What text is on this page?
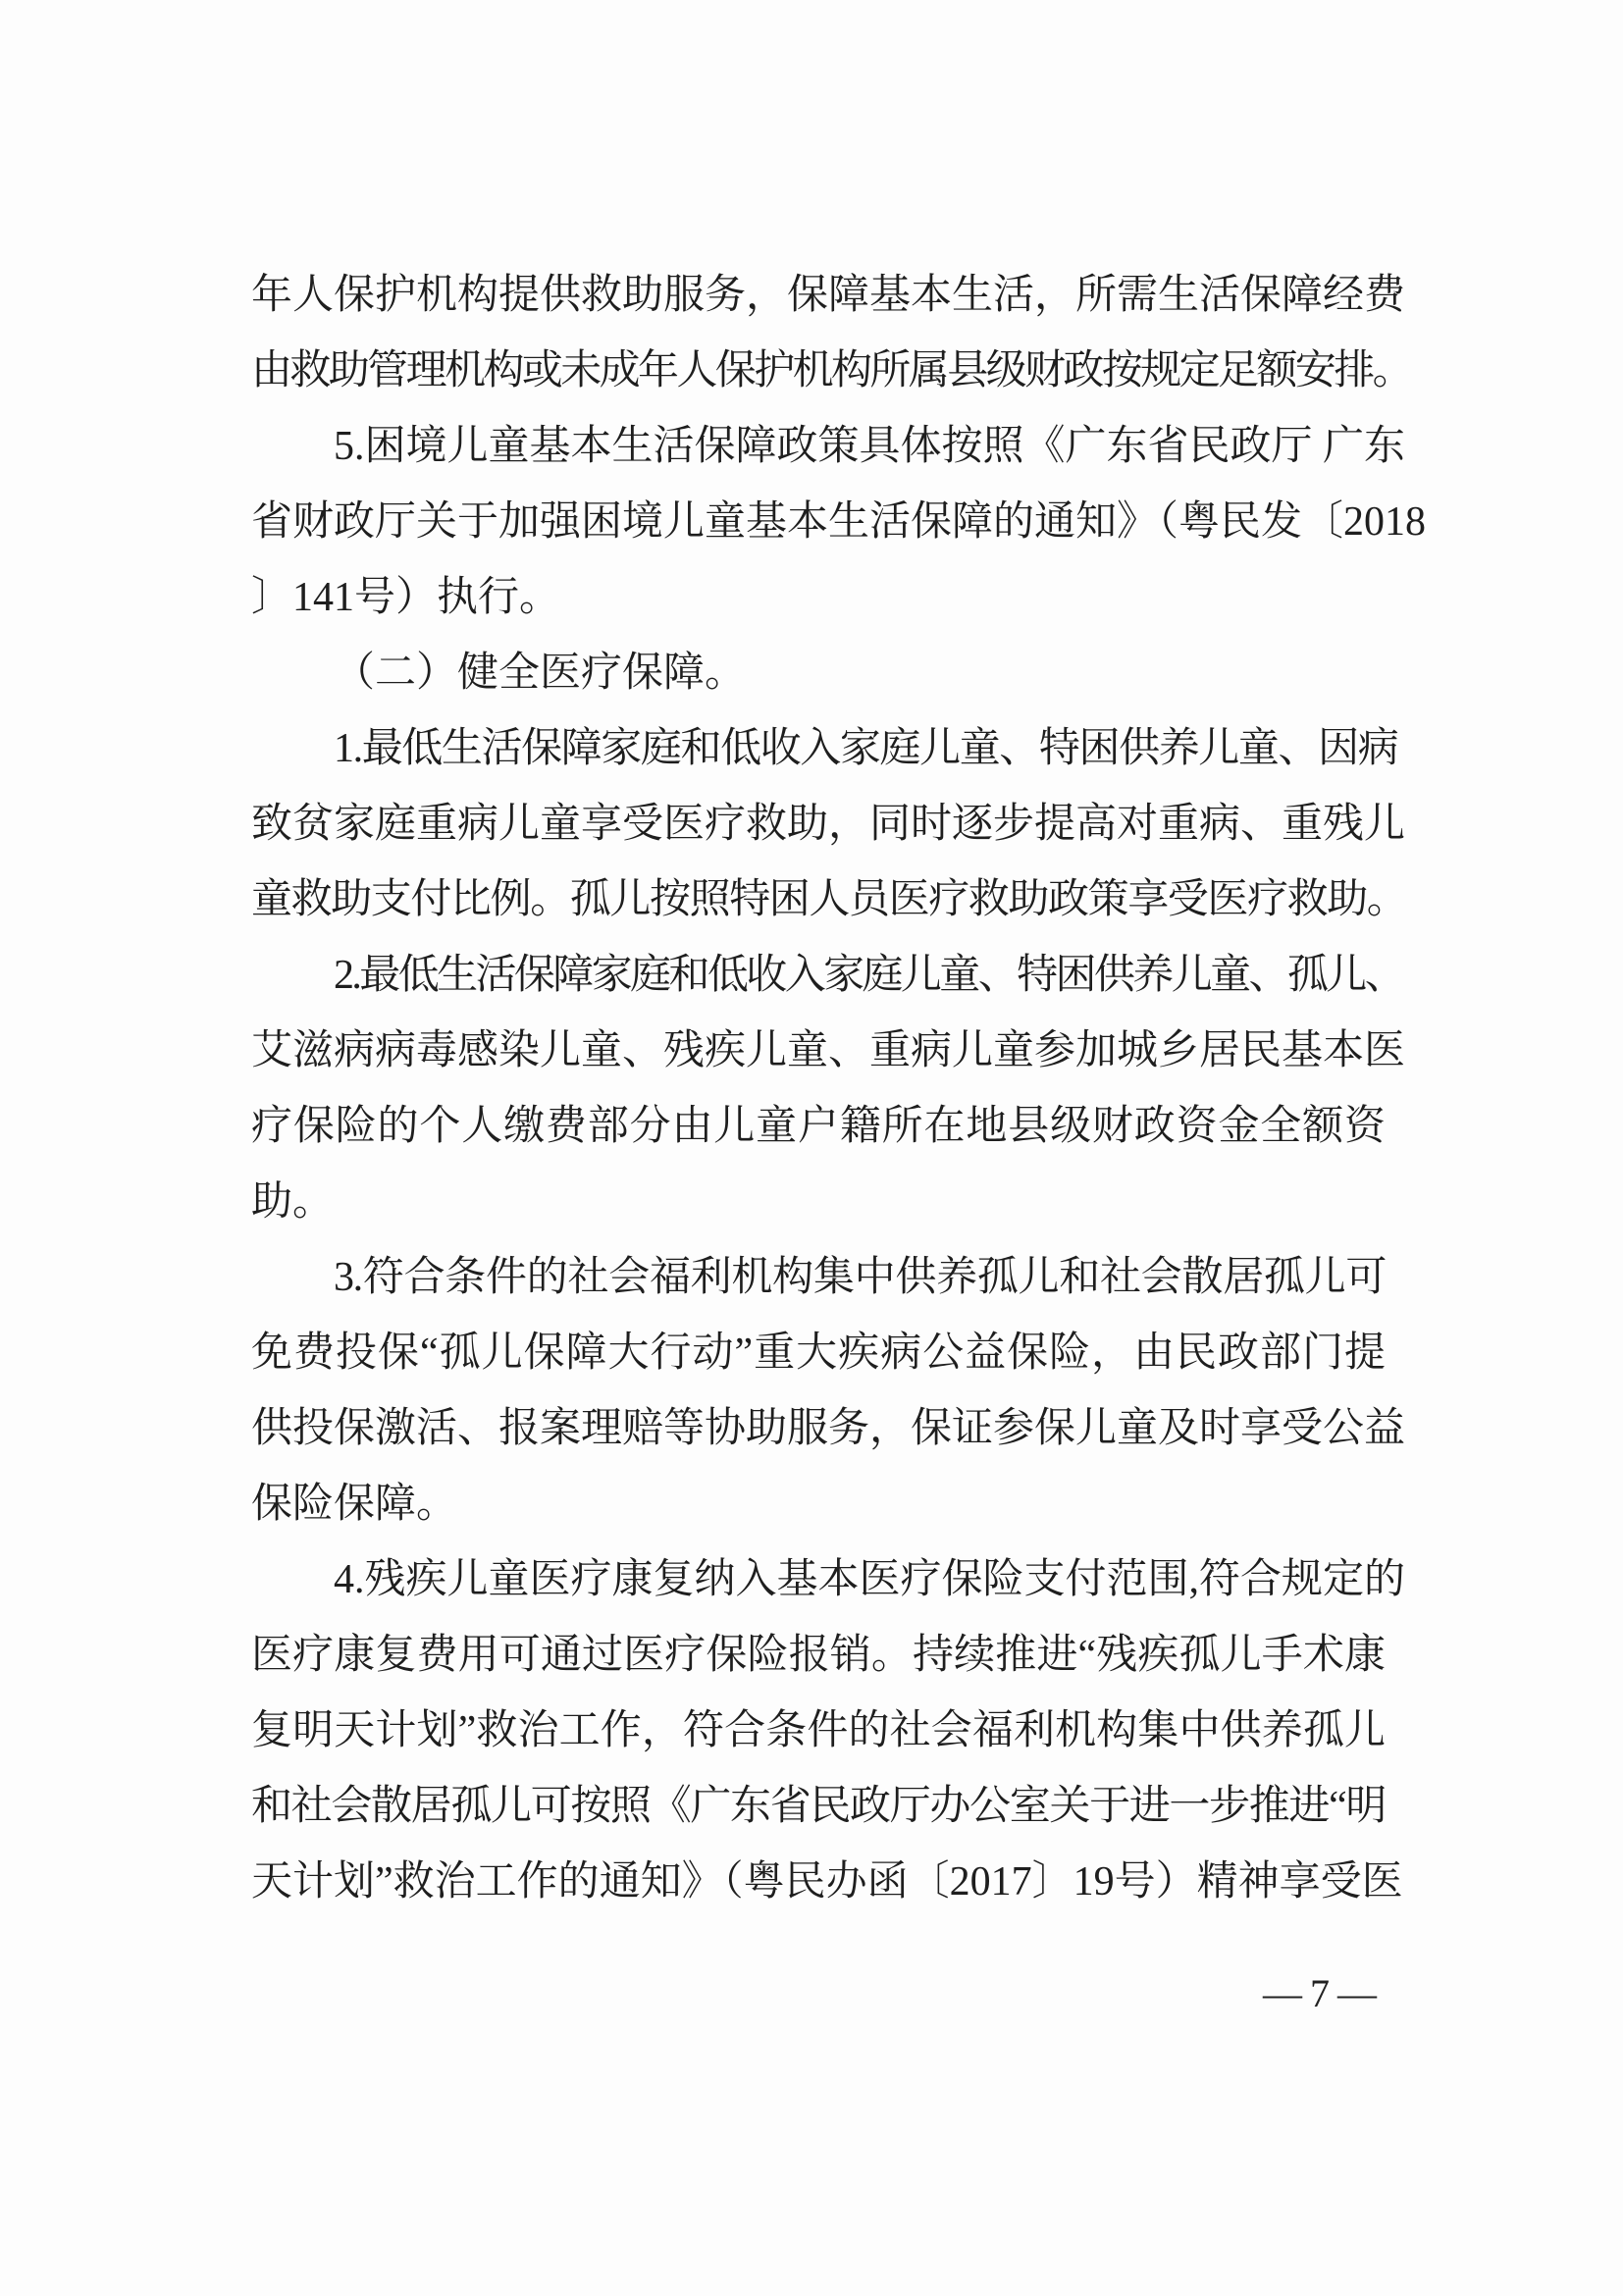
年人保护机构提供救助服务，保障基本生活，所需生活保障经费
由救助管理机构或未成年人保护机构所属县级财政按规定足额安排。
5.困境儿童基本生活保障政策具体按照《广东省民政厅 广东
省财政厅关于加强困境儿童基本生活保障的通知》（粤民发〔2018
〕141号）执行。
（二）健全医疗保障。
1.最低生活保障家庭和低收入家庭儿童、特困供养儿童、因病
致贫家庭重病儿童享受医疗救助，同时逐步提高对重病、重残儿
童救助支付比例。孤儿按照特困人员医疗救助政策享受医疗救助。
2.最低生活保障家庭和低收入家庭儿童、特困供养儿童、孤儿、
艾滋病病毒感染儿童、残疾儿童、重病儿童参加城乡居民基本医
疗保险的个人缴费部分由儿童户籍所在地县级财政资金全额资
助。
3.符合条件的社会福利机构集中供养孤儿和社会散居孤儿可
免费投保“孤儿保障大行动”重大疾病公益保险，由民政部门提
供投保激活、报案理赔等协助服务，保证参保儿童及时享受公益
保险保障。
4.残疾儿童医疗康复纳入基本医疗保险支付范围,符合规定的
医疗康复费用可通过医疗保险报销。持续推进“残疾孤儿手术康
复明天计划”救治工作，符合条件的社会福利机构集中供养孤儿
和社会散居孤儿可按照《广东省民政厅办公室关于进一步推进“明
天计划”救治工作的通知》（粤民办函〔2017〕19号）精神享受医
— 7 —
